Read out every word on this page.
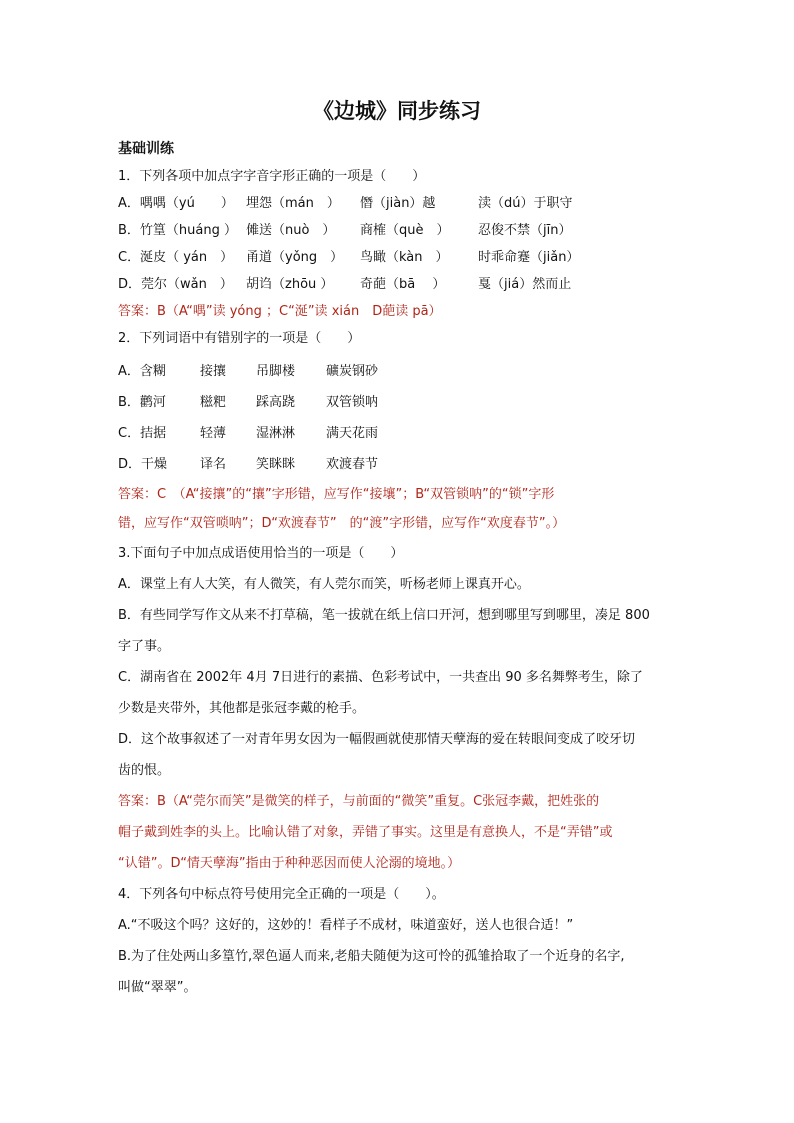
《边城》同步练习
基础训练
1．下列各项中加点字字音字形正确的一项是（　　）
A．喁喁（yú　　） 埋怨（mán　）	僭（jiàn）越	渎（dú）于职守
B．竹篁（huáng ） 傩送（nuò　）	商榷（què　）	忍俊不禁（jīn）
C．涎皮（ yán　） 甬道（yǒng　）	鸟瞰（kàn　）	时乖命蹇（jiǎn）
D．莞尔（wǎn　）	胡诌（zhōu ）	奇葩（bā　 ）	戛（jiá）然而止
答案：B（A“喁”读 yóng ；C“涎”读 xián　D葩读 pā）
2．下列词语中有错别字的一项是（　　）
A．含糊	接攘	吊脚楼	礦炭钢砂
B．鹳河	糍粑	踩高跷	双管锁呐
C．拮据	轻薄	湿淋淋	满天花雨
D．干燥	译名	笑眯眯	欢渡春节
答案：C　（A“接攘”的“攘”字形错，应写作“接壤”；B“双管锁呐”的“锁”字形
错，应写作“双管唢呐”；D“欢渡春节”　的“渡”字形错，应写作“欢度春节”。）
3.下面句子中加点成语使用恰当的一项是（　　）
A．课堂上有人大笑，有人微笑，有人莞尔而笑，听杨老师上课真开心。
B．有些同学写作文从来不打草稿，笔一拔就在纸上信口开河，想到哪里写到哪里，凑足 800
字了事。
C．湖南省在 2002年 4月 7日进行的素描、色彩考试中，一共查出 90 多名舞弊考生，除了
少数是夹带外，其他都是张冠李戴的枪手。
D．这个故事叙述了一对青年男女因为一幅假画就使那情天孽海的爱在转眼间变成了咬牙切
齿的恨。
答案：B（A“莞尔而笑”是微笑的样子，与前面的“微笑”重复。C张冠李戴，把姓张的
帽子戴到姓李的头上。比喻认错了对象，弄错了事实。这里是有意换人，不是“弄错”或
“认错”。D“情天孽海”指由于种种恶因而使人沦溺的境地。）
4．下列各句中标点符号使用完全正确的一项是（　　）。
A.“不吸这个吗？这好的，这妙的！看样子不成材，味道蛮好，送人也很合适！”
B.为了住处两山多篁竹,翠色逼人而来,老船夫随便为这可怜的孤雏拾取了一个近身的名字,
叫做“翠翠”。
